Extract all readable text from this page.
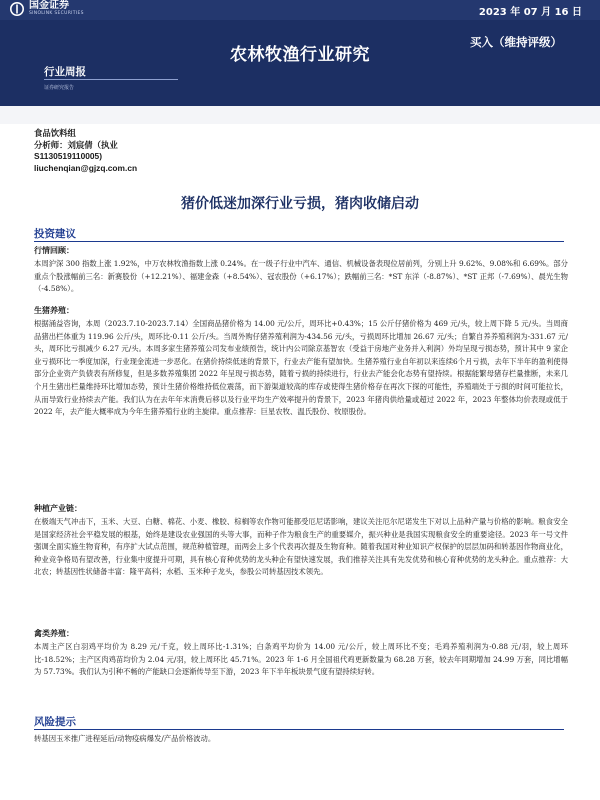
国金证券
SINOLINK SECURITIES	2023 年 07 月 16 日
农林牧渔行业研究
买入（维持评级）
行业周报
证券研究报告
食品饮料组
分析师：刘宸倩（执业
S1130519110005)
liuchenqian@gjzq.com.cn
猪价低迷加深行业亏损，猪肉收储启动
投资建议
行情回顾：
本周沪深 300 指数上涨 1.92%，中万农林牧渔指数上涨 0.24%。在一级子行业中汽车、通信、机械设备表现位居前列，分别上升 9.62%、9.08%和 6.69%。部分重点个股涨幅前三名：新赛股份（+12.21%）、福建金森（+8.54%）、冠农股份（+6.17%）；跌幅前三名：*ST 东洋（-8.87%）、*ST 正邦（-7.69%）、晨光生物（-4.58%）。
生猪养殖：
根据涌益咨询，本周（2023.7.10-2023.7.14）全国商品猪价格为 14.00 元/公斤，周环比+0.43%；15 公斤仔猪价格为 469 元/头，较上周下降 5 元/头。当周商品猪出栏体重为 119.96 公斤/头，周环比-0.11 公斤/头。当周外购仔猪养殖利润为-434.56 元/头，亏损周环比增加 26.67 元/头；自繁自养养殖利润为-331.67 元/头，周环比亏损减少 6.27 元/头。本周多家生猪养殖公司发布业绩预告，统计内公司除京基智农（受益于房地产业务并入利润）外均呈现亏损态势，预计其中 9 家企业亏损环比一季度加深，行业现金流进一步恶化。在猪价持续低迷的背景下，行业去产能有望加快。生猪养殖行业自年初以来连续6个月亏损，去年下半年的盈利使得部分企业资产负债表有所修复，但是多数养殖集团 2022 年呈现亏损态势，随着亏损的持续进行，行业去产能会化态势有望持续。根据能繁母猪存栏量推断，未来几个月生猪出栏量维持环比增加态势，预计生猪价格维持低位震荡，而下游渠道较高的库存或使得生猪价格存在再次下探的可能性，养殖端处于亏损的时间可能拉长，从而导致行业持续去产能。我们认为在去年年末消费后移以及行业平均生产效率提升的背景下，2023 年猪肉供给量或超过 2022 年，2023 年整体均价表现或低于 2022 年，去产能大概率成为今年生猪养殖行业的主旋律。重点推荐：巨星农牧、温氏股份、牧原股份。
种植产业链：
在极端天气冲击下，玉米、大豆、白糖、棉花、小麦、橡胶、棕榈等农作物可能都受厄尼诺影响，建议关注厄尔尼诺发生下对以上品种产量与价格的影响。粮食安全是国家经济社会平稳发展的根基，始终是建设农业强国的头等大事，而种子作为粮食生产的重要媒介，振兴种业是我国实现粮食安全的重要途径。2023 年一号文件强调全面实施生物育种，有序扩大试点范围，规范种植管理，而两会上多个代表再次提及生物育种。随着我国对种业知识产权保护的层层加码和转基因作物商业化，种业竞争格局有望改善，行业集中度提升可期，具有核心育种优势的龙头种企有望快速发展，我们推荐关注具有先发优势和核心育种优势的龙头种企。重点推荐：大北农；转基因性状储备丰富：隆平高科；水稻、玉米种子龙头，参股公司转基因技术领先。
禽类养殖：
本周主产区白羽鸡平均价为 8.29 元/千克，较上周环比-1.31%；白条鸡平均价为 14.00 元/公斤，较上周环比不变；毛鸡养殖利润为-0.88 元/羽，较上周环比-18.52%；主产区肉鸡苗均价为 2.04 元/羽，较上周环比 45.71%。2023 年 1-6 月全国祖代鸡更新数量为 68.28 万套，较去年同期增加 24.99 万套，同比增幅为 57.73%。我们认为引种不畅的产能缺口会逐渐传导至下游，2023 年下半年板块景气度有望持续好转。
风险提示
转基因玉米推广进程延后/动物疫病爆发/产品价格波动。
